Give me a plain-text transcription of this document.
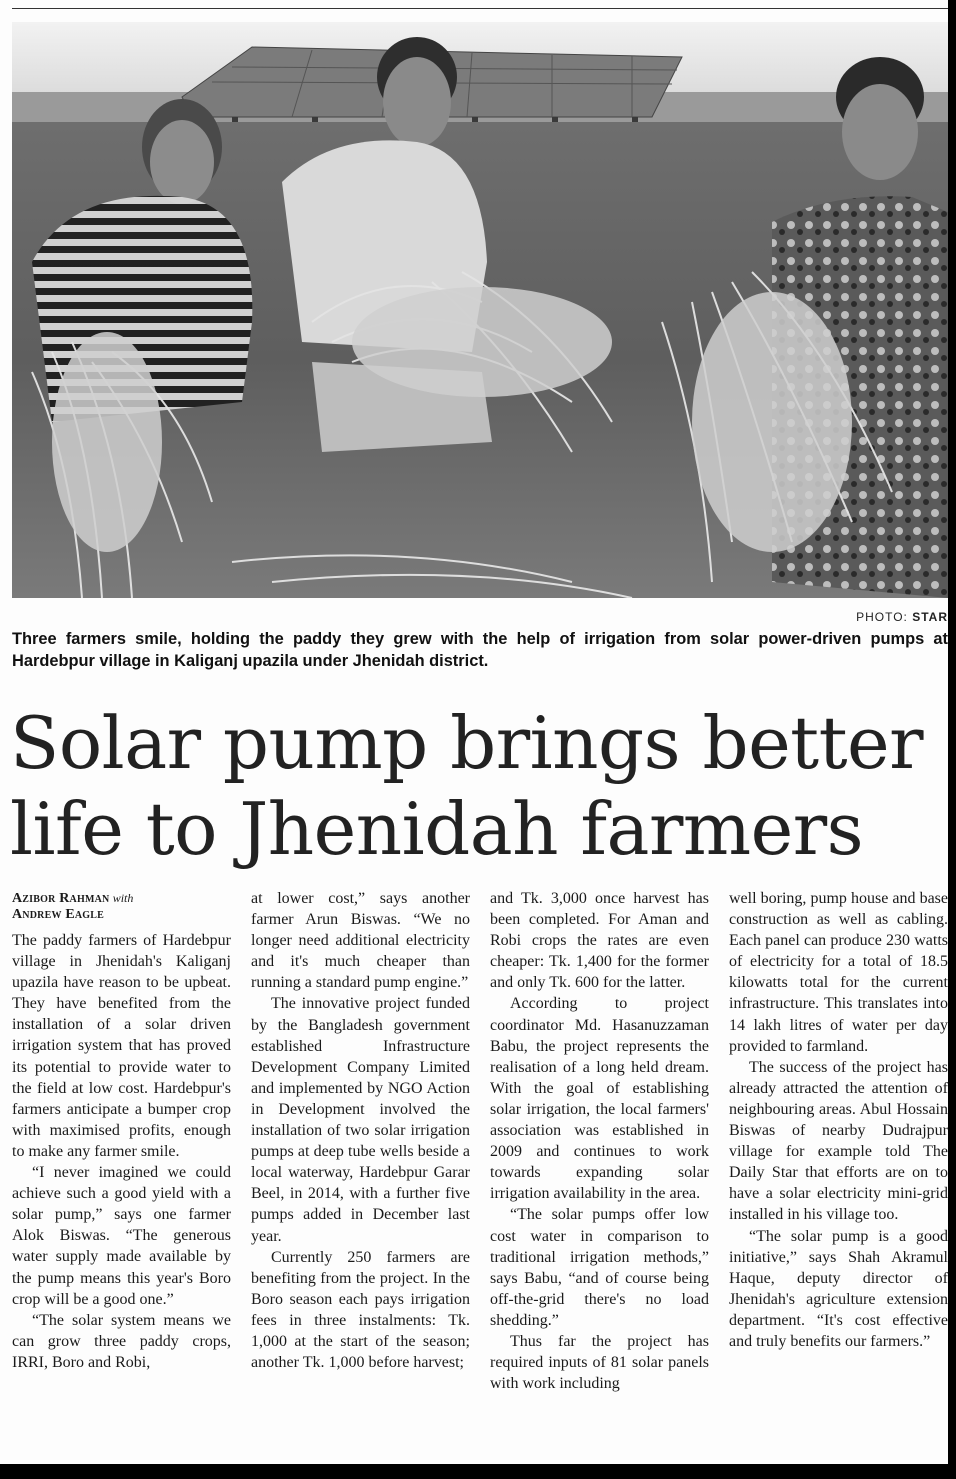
PHOTO: STAR
Three farmers smile, holding the paddy they grew with the help of irrigation from solar power-driven pumps at Hardebpur village in Kaliganj upazila under Jhenidah district.
Solar pump brings better life to Jhenidah farmers
Azibor Rahman with
Andrew Eagle

The paddy farmers of Hardebpur village in Jhenidah's Kaliganj upazila have reason to be upbeat. They have benefited from the installation of a solar driven irrigation system that has proved its potential to provide water to the field at low cost. Hardebpur's farmers anticipate a bumper crop with maximised profits, enough to make any farmer smile.

“I never imagined we could achieve such a good yield with a solar pump,” says one farmer Alok Biswas. “The generous water supply made available by the pump means this year's Boro crop will be a good one.”

“The solar system means we can grow three paddy crops, IRRI, Boro and Robi,

at lower cost,” says another farmer Arun Biswas. “We no longer need additional electricity and it's much cheaper than running a standard pump engine.”

The innovative project funded by the Bangladesh government established Infrastructure Development Company Limited and implemented by NGO Action in Development involved the installation of two solar irrigation pumps at deep tube wells beside a local waterway, Hardebpur Garar Beel, in 2014, with a further five pumps added in December last year.

Currently 250 farmers are benefiting from the project. In the Boro season each pays irrigation fees in three instalments: Tk. 1,000 at the start of the season; another Tk. 1,000 before harvest;

and Tk. 3,000 once harvest has been completed. For Aman and Robi crops the rates are even cheaper: Tk. 1,400 for the former and only Tk. 600 for the latter.

According to project coordinator Md. Hasanuzzaman Babu, the project represents the realisation of a long held dream. With the goal of establishing solar irrigation, the local farmers' association was established in 2009 and continues to work towards expanding solar irrigation availability in the area.

“The solar pumps offer low cost water in comparison to traditional irrigation methods,” says Babu, “and of course being off-the-grid there's no load shedding.”

Thus far the project has required inputs of 81 solar panels with work including

well boring, pump house and base construction as well as cabling. Each panel can produce 230 watts of electricity for a total of 18.5 kilowatts total for the current infrastructure. This translates into 14 lakh litres of water per day provided to farmland.

The success of the project has already attracted the attention of neighbouring areas. Abul Hossain Biswas of nearby Dudrajpur village for example told The Daily Star that efforts are on to have a solar electricity mini-grid installed in his village too.

“The solar pump is a good initiative,” says Shah Akramul Haque, deputy director of Jhenidah's agriculture extension department. “It's cost effective and truly benefits our farmers.”
